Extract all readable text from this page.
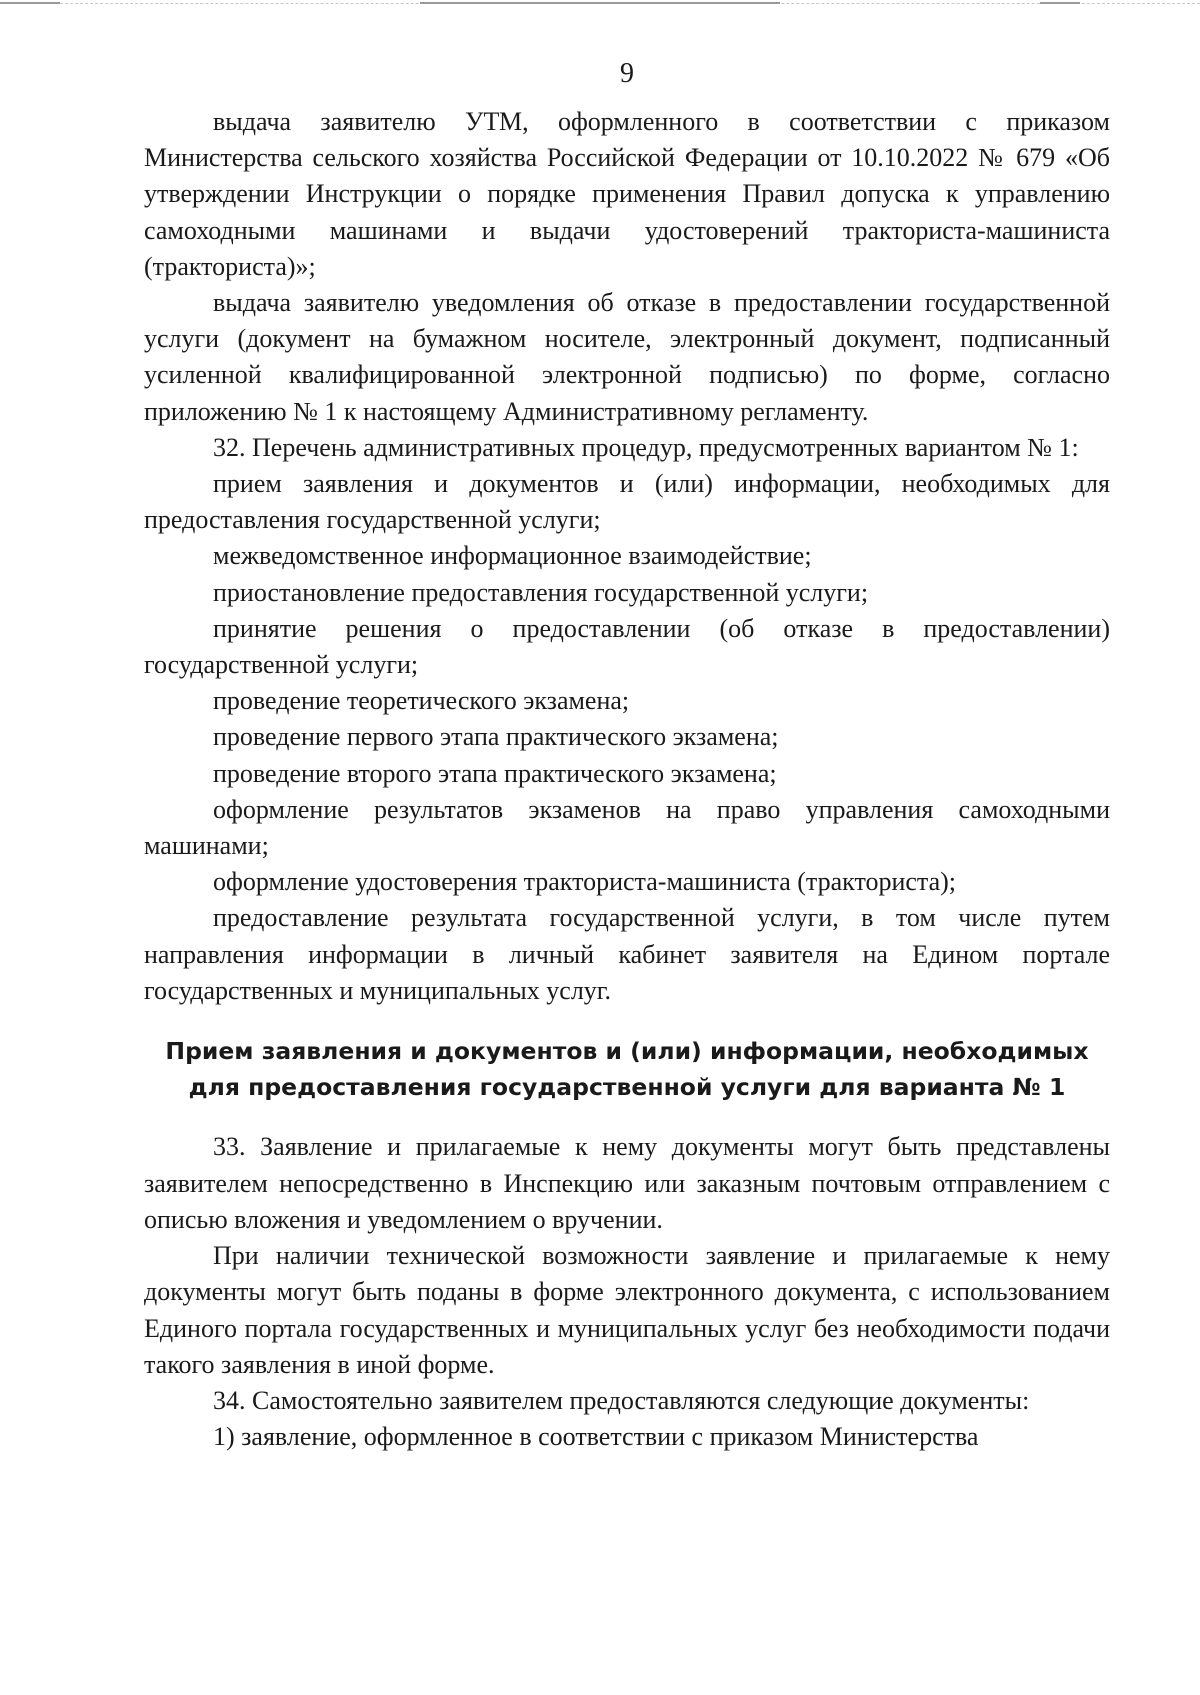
9

выдача заявителю УТМ, оформленного в соответствии с приказом Министерства сельского хозяйства Российской Федерации от 10.10.2022 № 679 «Об утверждении Инструкции о порядке применения Правил допуска к управлению самоходными машинами и выдачи удостоверений тракториста-машиниста (тракториста)»;

выдача заявителю уведомления об отказе в предоставлении государственной услуги (документ на бумажном носителе, электронный документ, подписанный усиленной квалифицированной электронной подписью) по форме, согласно приложению № 1 к настоящему Административному регламенту.

32. Перечень административных процедур, предусмотренных вариантом № 1:

прием заявления и документов и (или) информации, необходимых для предоставления государственной услуги;

межведомственное информационное взаимодействие;

приостановление предоставления государственной услуги;

принятие решения о предоставлении (об отказе в предоставлении) государственной услуги;

проведение теоретического экзамена;

проведение первого этапа практического экзамена;

проведение второго этапа практического экзамена;

оформление результатов экзаменов на право управления самоходными машинами;

оформление удостоверения тракториста-машиниста (тракториста);

предоставление результата государственной услуги, в том числе путем направления информации в личный кабинет заявителя на Едином портале государственных и муниципальных услуг.

Прием заявления и документов и (или) информации, необходимых
для предоставления государственной услуги для варианта № 1

33. Заявление и прилагаемые к нему документы могут быть представлены заявителем непосредственно в Инспекцию или заказным почтовым отправлением с описью вложения и уведомлением о вручении.

При наличии технической возможности заявление и прилагаемые к нему документы могут быть поданы в форме электронного документа, с использованием Единого портала государственных и муниципальных услуг без необходимости подачи такого заявления в иной форме.

34. Самостоятельно заявителем предоставляются следующие документы:

1) заявление, оформленное в соответствии с приказом Министерства
